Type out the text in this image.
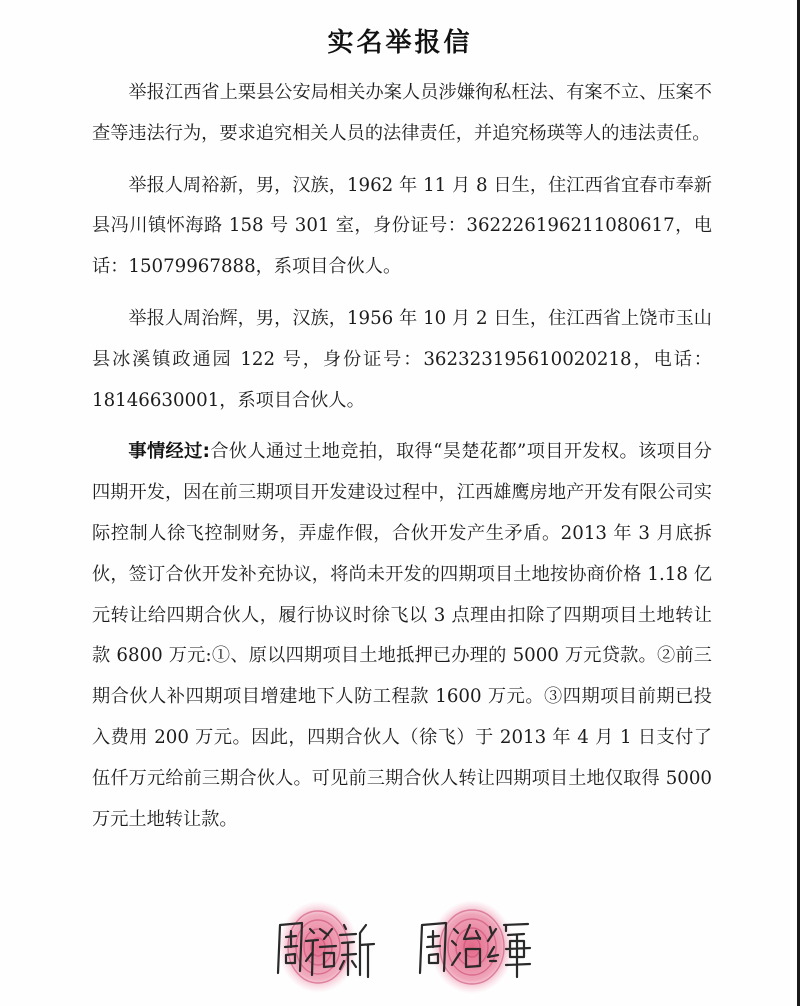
实名举报信

举报江西省上栗县公安局相关办案人员涉嫌徇私枉法、有案不立、压案不查等违法行为，要求追究相关人员的法律责任，并追究杨瑛等人的违法责任。

举报人周裕新，男，汉族，1962 年 11 月 8 日生，住江西省宜春市奉新县冯川镇怀海路 158 号 301 室，身份证号：362226196211080617，电话：15079967888，系项目合伙人。

举报人周治辉，男，汉族，1956 年 10 月 2 日生，住江西省上饶市玉山县冰溪镇政通园 122 号，身份证号：362323195610020218，电话：18146630001，系项目合伙人。

事情经过:合伙人通过土地竞拍，取得“昊楚花都”项目开发权。该项目分四期开发，因在前三期项目开发建设过程中，江西雄鹰房地产开发有限公司实际控制人徐飞控制财务，弄虚作假，合伙开发产生矛盾。2013 年 3 月底拆伙，签订合伙开发补充协议，将尚未开发的四期项目土地按协商价格 1.18 亿元转让给四期合伙人，履行协议时徐飞以 3 点理由扣除了四期项目土地转让款 6800 万元:①、原以四期项目土地抵押已办理的 5000 万元贷款。②前三期合伙人补四期项目增建地下人防工程款 1600 万元。③四期项目前期已投入费用 200 万元。因此，四期合伙人（徐飞）于 2013 年 4 月 1 日支付了伍仟万元给前三期合伙人。可见前三期合伙人转让四期项目土地仅取得 5000 万元土地转让款。
